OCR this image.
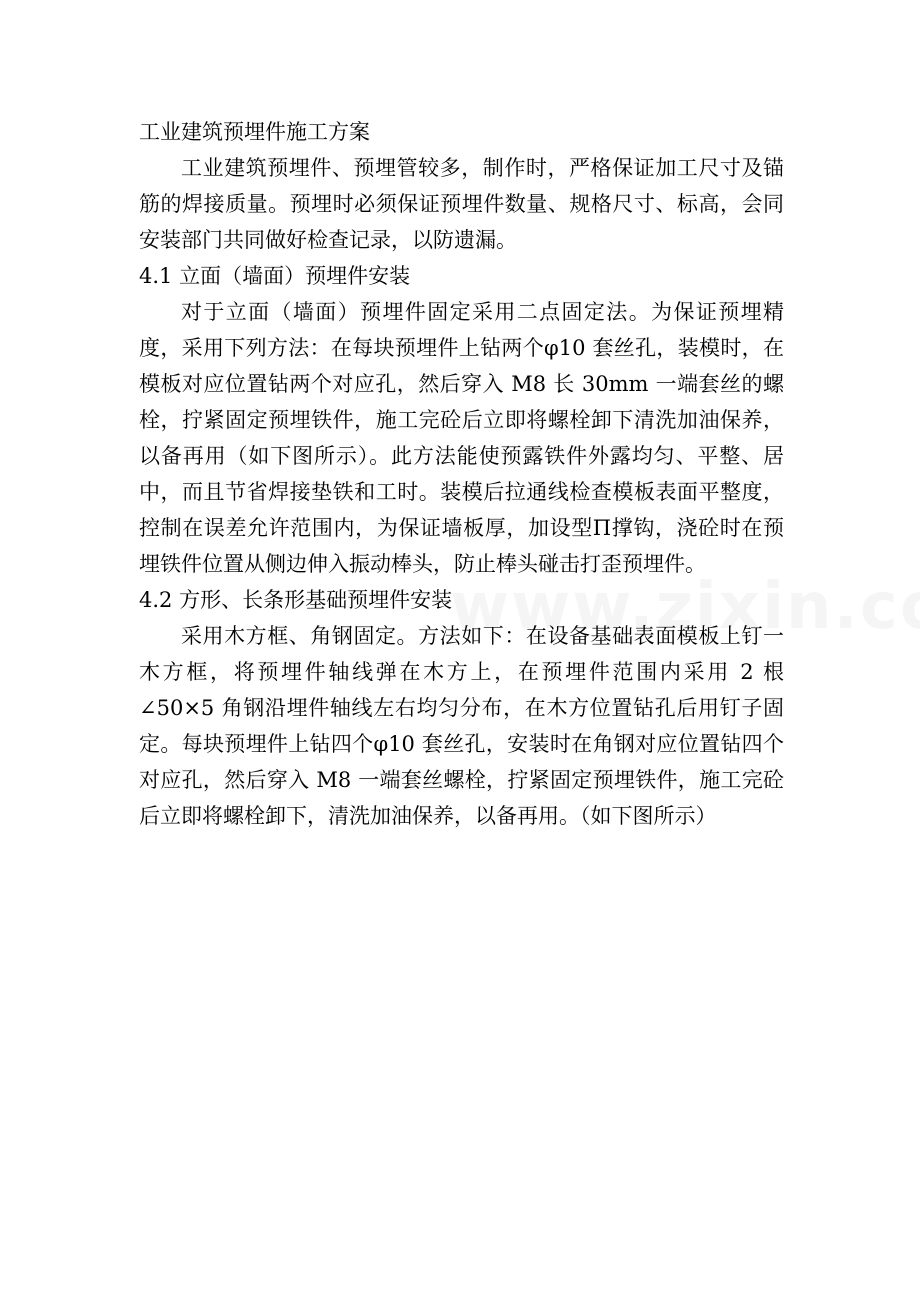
工业建筑预埋件施工方案

工业建筑预埋件、预埋管较多，制作时，严格保证加工尺寸及锚筋的焊接质量。预埋时必须保证预埋件数量、规格尺寸、标高，会同安装部门共同做好检查记录，以防遗漏。

4.1 立面（墙面）预埋件安装

对于立面（墙面）预埋件固定采用二点固定法。为保证预埋精度，采用下列方法：在每块预埋件上钻两个φ10 套丝孔，装模时，在模板对应位置钻两个对应孔，然后穿入 M8 长 30mm 一端套丝的螺栓，拧紧固定预埋铁件，施工完砼后立即将螺栓卸下清洗加油保养，以备再用（如下图所示）。此方法能使预露铁件外露均匀、平整、居中，而且节省焊接垫铁和工时。装模后拉通线检查模板表面平整度，控制在误差允许范围内，为保证墙板厚，加设型Π撑钩，浇砼时在预埋铁件位置从侧边伸入振动棒头，防止棒头碰击打歪预埋件。

4.2 方形、长条形基础预埋件安装

采用木方框、角钢固定。方法如下：在设备基础表面模板上钉一木方框，将预埋件轴线弹在木方上，在预埋件范围内采用 2 根∠50×5 角钢沿埋件轴线左右均匀分布，在木方位置钻孔后用钉子固定。每块预埋件上钻四个φ10 套丝孔，安装时在角钢对应位置钻四个对应孔，然后穿入 M8 一端套丝螺栓，拧紧固定预埋铁件，施工完砼后立即将螺栓卸下，清洗加油保养，以备再用。（如下图所示）
